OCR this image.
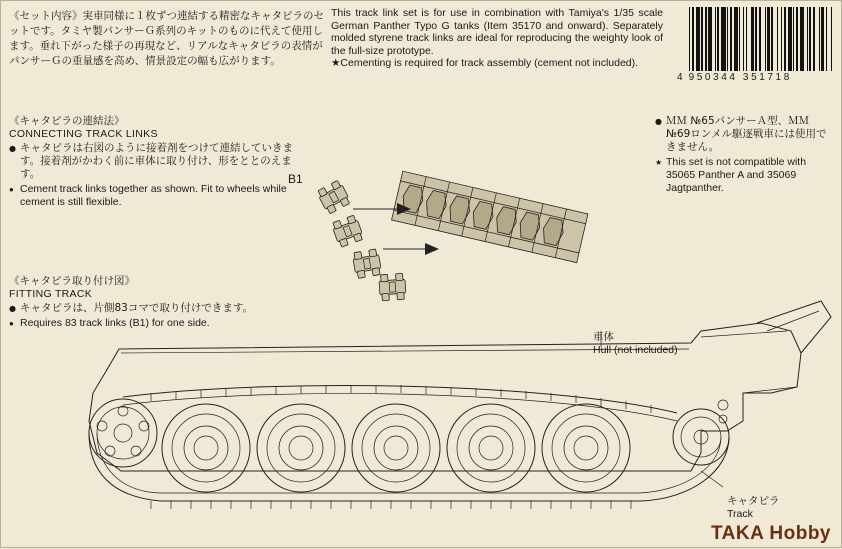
《セット内容》実車同様に１枚ずつ連結する精密なキャタピラのセットです。タミヤ製パンサーＧ系列のキットのものに代えて使用します。垂れ下がった様子の再現など、リアルなキャタピラの表情がパンサーＧの重量感を高め、情景設定の幅も広がります。

This track link set is for use in combination with Tamiya's 1/35 scale German Panther Typo G tanks (Item 35170 and onward). Separately molded styrene track links are ideal for reproducing the weighty look of the full-size prototype.

★Cementing is required for track assembly (cement not included).

4 950344 351718
《キャタピラの連結法》
CONNECTING TRACK LINKS
● キャタピラは右図のように接着剤をつけて連結していきます。接着剤がかわく前に車体に取り付け、形をととのえます。
● Cement track links together as shown. Fit to wheels while cement is still flexible.
● ＭＭ №65パンサーＡ型、ＭＭ №69ロンメル駆逐戦車には使用できません。
★ This set is not compatible with 35065 Panther A and 35069 Jagtpanther.
《キャタピラ取り付け図》
FITTING TRACK
● キャタピラは、片側83コマで取り付けできます。
● Requires 83 track links (B1) for one side.
B1
車体
Hull (not included)
キャタピラ
Track
TAKA Hobby
